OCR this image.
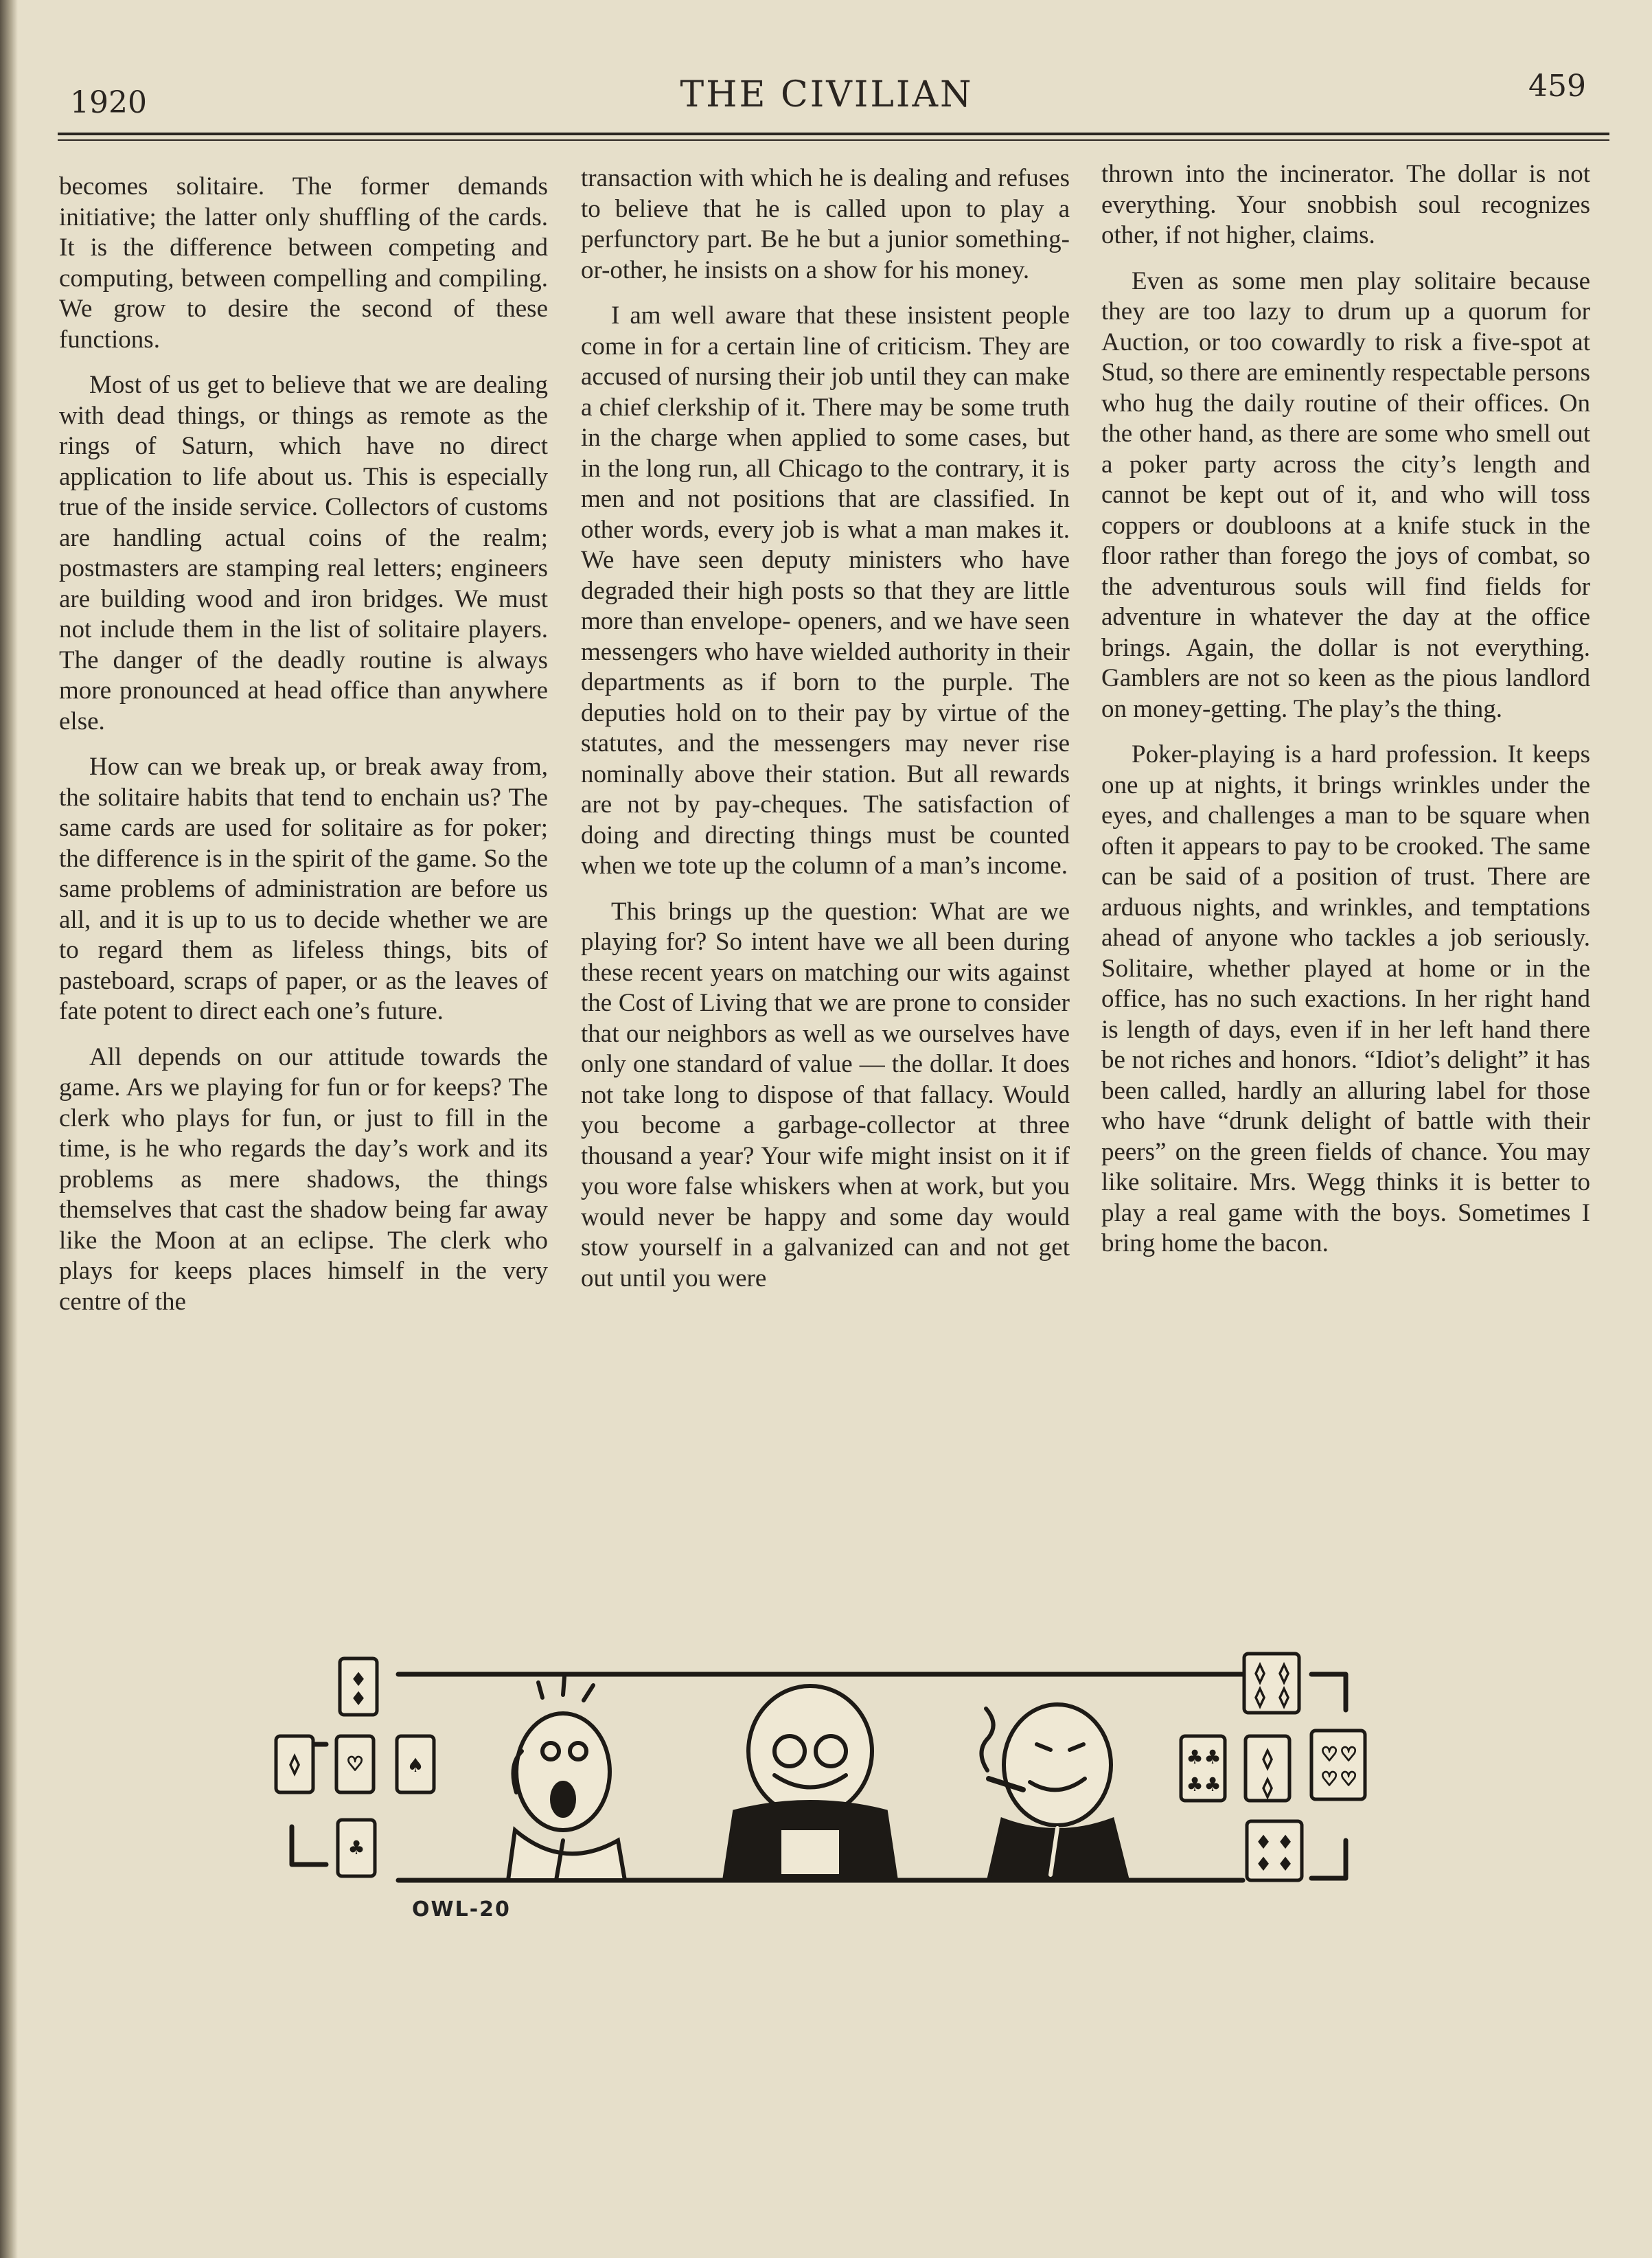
1920	THE CIVILIAN	459

becomes solitaire. The former demands initiative; the latter only shuffling of the cards. It is the difference between competing and computing, between compelling and compiling. We grow to desire the second of these functions.

Most of us get to believe that we are dealing with dead things, or things as remote as the rings of Saturn, which have no direct application to life about us. This is especially true of the inside service. Collectors of customs are handling actual coins of the realm; postmasters are stamping real letters; engineers are building wood and iron bridges. We must not include them in the list of solitaire players. The danger of the deadly routine is always more pronounced at head office than anywhere else.

How can we break up, or break away from, the solitaire habits that tend to enchain us? The same cards are used for solitaire as for poker; the difference is in the spirit of the game. So the same problems of administration are before us all, and it is up to us to decide whether we are to regard them as lifeless things, bits of pasteboard, scraps of paper, or as the leaves of fate potent to direct each one’s future.

All depends on our attitude towards the game. Ars we playing for fun or for keeps? The clerk who plays for fun, or just to fill in the time, is he who regards the day’s work and its problems as mere shadows, the things themselves that cast the shadow being far away like the Moon at an eclipse. The clerk who plays for keeps places himself in the very centre of the

transaction with which he is dealing and refuses to believe that he is called upon to play a perfunctory part. Be he but a junior something-or-other, he insists on a show for his money.

I am well aware that these insistent people come in for a certain line of criticism. They are accused of nursing their job until they can make a chief clerkship of it. There may be some truth in the charge when applied to some cases, but in the long run, all Chicago to the contrary, it is men and not positions that are classified. In other words, every job is what a man makes it. We have seen deputy ministers who have degraded their high posts so that they are little more than envelope- openers, and we have seen messengers who have wielded authority in their departments as if born to the purple. The deputies hold on to their pay by virtue of the statutes, and the messengers may never rise nominally above their station. But all rewards are not by pay-cheques. The satisfaction of doing and directing things must be counted when we tote up the column of a man’s income.

This brings up the question: What are we playing for? So intent have we all been during these recent years on matching our wits against the Cost of Living that we are prone to consider that our neighbors as well as we ourselves have only one standard of value — the dollar. It does not take long to dispose of that fallacy. Would you become a garbage-collector at three thousand a year? Your wife might insist on it if you wore false whiskers when at work, but you would never be happy and some day would stow yourself in a galvanized can and not get out until you were

thrown into the incinerator. The dollar is not everything. Your snobbish soul recognizes other, if not higher, claims.

Even as some men play solitaire because they are too lazy to drum up a quorum for Auction, or too cowardly to risk a five-spot at Stud, so there are eminently respectable persons who hug the daily routine of their offices. On the other hand, as there are some who smell out a poker party across the city’s length and cannot be kept out of it, and who will toss coppers or doubloons at a knife stuck in the floor rather than forego the joys of combat, so the adventurous souls will find fields for adventure in whatever the day at the office brings. Again, the dollar is not everything. Gamblers are not so keen as the pious landlord on money-getting. The play’s the thing.

Poker-playing is a hard profession. It keeps one up at nights, it brings wrinkles under the eyes, and challenges a man to be square when often it appears to pay to be crooked. The same can be said of a position of trust. There are arduous nights, and wrinkles, and temptations ahead of anyone who tackles a job seriously. Solitaire, whether played at home or in the office, has no such exactions. In her right hand is length of days, even if in her left hand there be not riches and honors. “Idiot’s delight” it has been called, hardly an alluring label for those who have “drunk delight of battle with their peers” on the green fields of chance. You may like solitaire. Mrs. Wegg thinks it is better to play a real game with the boys. Sometimes I bring home the bacon.

♦
♦
◊ ♡ ♠
♣
◊ ◊
◊ ◊
♣ ♣
♣ ♣
◊
◊
♡ ♡
♡ ♡
♦ ♦
♦ ♦
OWL-20
